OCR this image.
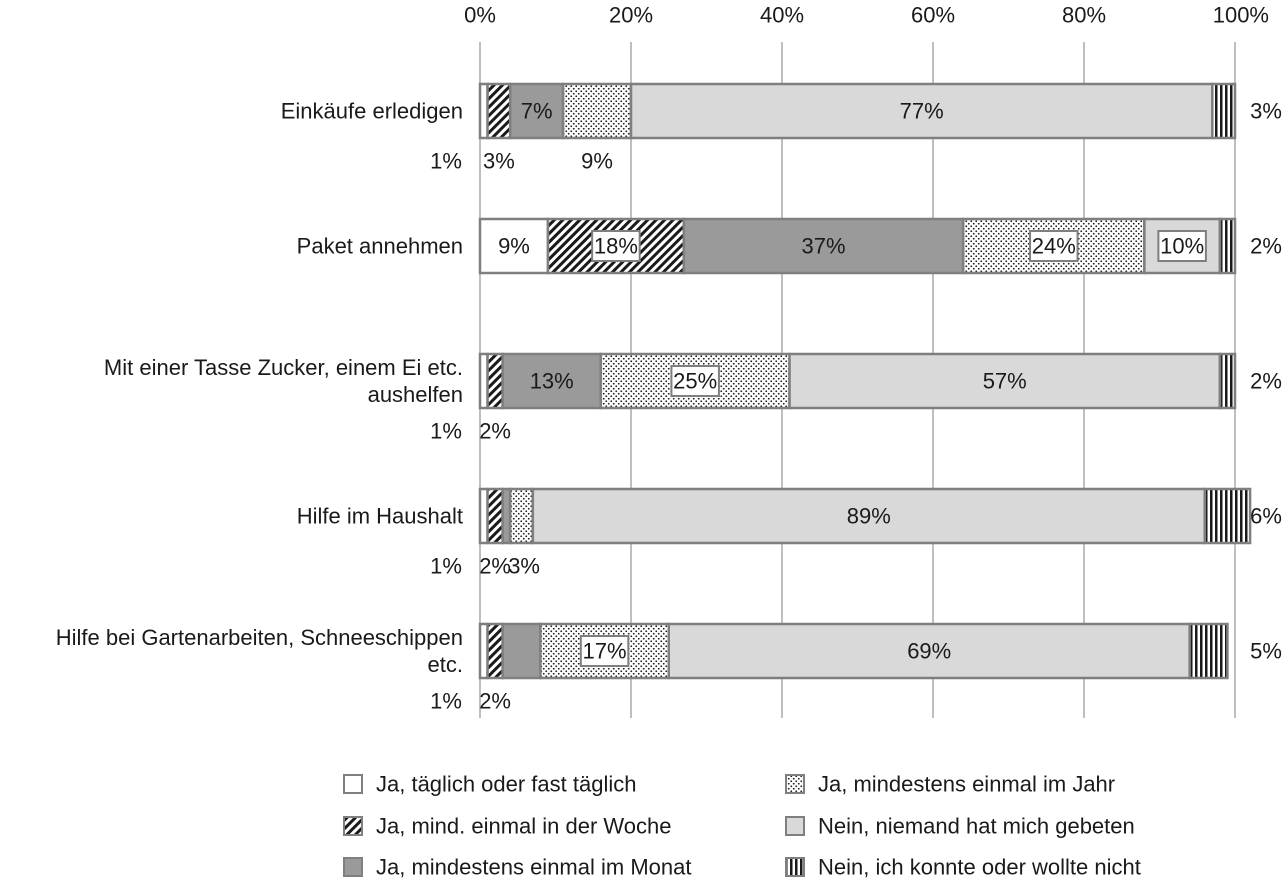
0%	20%	40%	60%	80%	100%
Einkäufe erledigen
Paket annehmen
Mit einer Tasse Zucker, einem Ei etc.
aushelfen
Hilfe im Haushalt
Hilfe bei Gartenarbeiten, Schneeschippen
etc.
1% 3%
7%
9%
77%	3%
9%	18%	37%	24%	10% 2%
1% 2%
13%	25%	57%	2%
1% 2%
3%
89%	6%
1% 2%
17%	69%	5%
Ja, täglich oder fast täglich
Ja, mind. einmal in der Woche
Ja, mindestens einmal im Monat
Ja, mindestens einmal im Jahr
Nein, niemand hat mich gebeten
Nein, ich konnte oder wollte nicht
